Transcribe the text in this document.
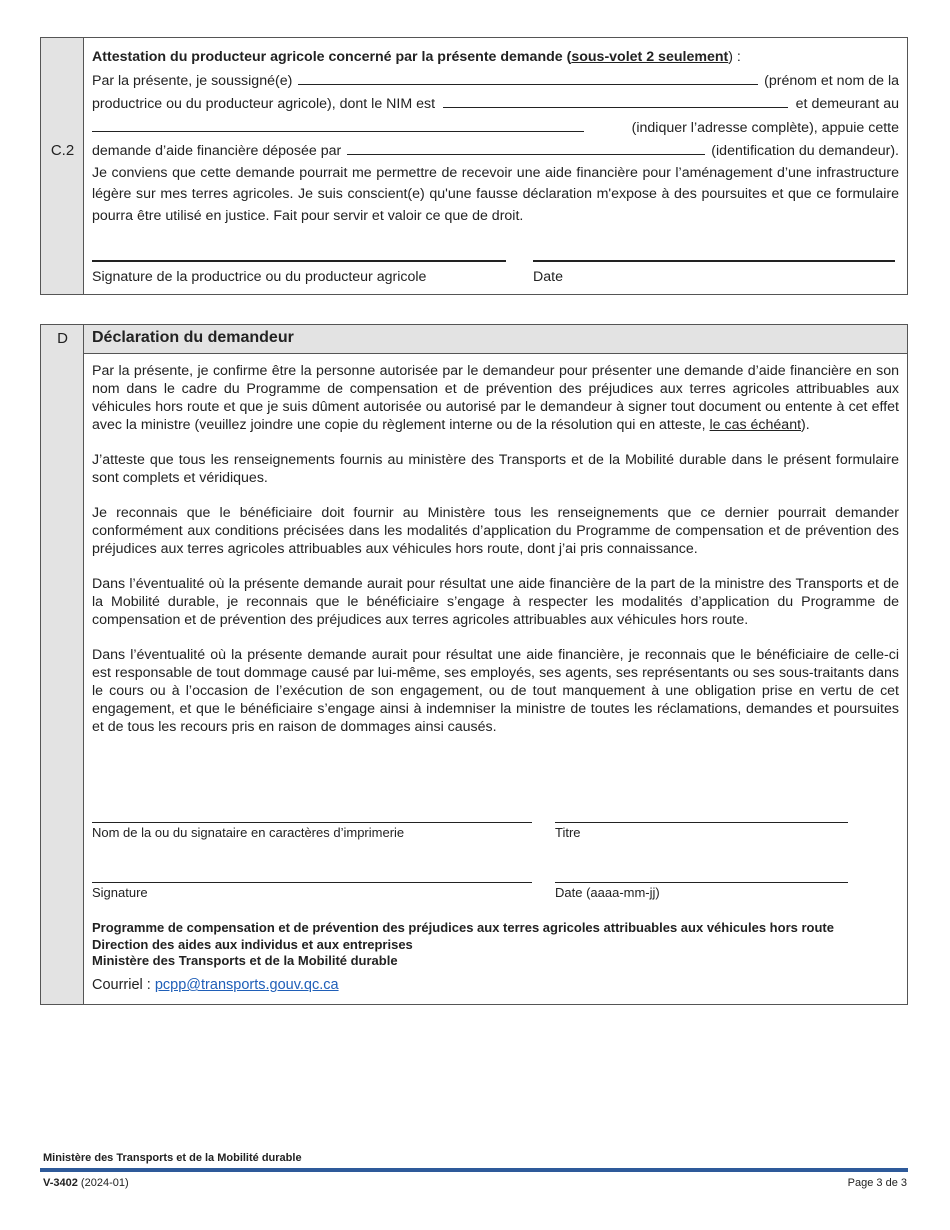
C.2
Attestation du producteur agricole concerné par la présente demande (sous-volet 2 seulement) :
Par la présente, je soussigné(e)	(prénom et nom de la
productrice ou du producteur agricole), dont le NIM est	et demeurant au
(indiquer l’adresse complète), appuie cette
demande d’aide financière déposée par	(identification du demandeur).
Je conviens que cette demande pourrait me permettre de recevoir une aide financière pour l’aménagement d’une infrastructure légère sur mes terres agricoles. Je suis conscient(e) qu'une fausse déclaration m'expose à des poursuites et que ce formulaire pourra être utilisé en justice. Fait pour servir et valoir ce que de droit.
Signature de la productrice ou du producteur agricole	Date
D	Déclaration du demandeur

Par la présente, je confirme être la personne autorisée par le demandeur pour présenter une demande d’aide financière en son nom dans le cadre du Programme de compensation et de prévention des préjudices aux terres agricoles attribuables aux véhicules hors route et que je suis dûment autorisée ou autorisé par le demandeur à signer tout document ou entente à cet effet avec la ministre (veuillez joindre une copie du règlement interne ou de la résolution qui en atteste, le cas échéant).

J’atteste que tous les renseignements fournis au ministère des Transports et de la Mobilité durable dans le présent formulaire sont complets et véridiques.

Je reconnais que le bénéficiaire doit fournir au Ministère tous les renseignements que ce dernier pourrait demander conformément aux conditions précisées dans les modalités d’application du Programme de compensation et de prévention des préjudices aux terres agricoles attribuables aux véhicules hors route, dont j’ai pris connaissance.

Dans l’éventualité où la présente demande aurait pour résultat une aide financière de la part de la ministre des Transports et de la Mobilité durable, je reconnais que le bénéficiaire s’engage à respecter les modalités d’application du Programme de compensation et de prévention des préjudices aux terres agricoles attribuables aux véhicules hors route.

Dans l’éventualité où la présente demande aurait pour résultat une aide financière, je reconnais que le bénéficiaire de celle-ci est responsable de tout dommage causé par lui-même, ses employés, ses agents, ses représentants ou ses sous-traitants dans le cours ou à l’occasion de l’exécution de son engagement, ou de tout manquement à une obligation prise en vertu de cet engagement, et que le bénéficiaire s’engage ainsi à indemniser la ministre de toutes les réclamations, demandes et poursuites et de tous les recours pris en raison de dommages ainsi causés.

Nom de la ou du signataire en caractères d’imprimerie	Titre
Signature	Date (aaaa-mm-jj)
Programme de compensation et de prévention des préjudices aux terres agricoles attribuables aux véhicules hors route
Direction des aides aux individus et aux entreprises
Ministère des Transports et de la Mobilité durable
Courriel : pcpp@transports.gouv.qc.ca
Ministère des Transports et de la Mobilité durable
V-3402 (2024-01)	Page 3 de 3
